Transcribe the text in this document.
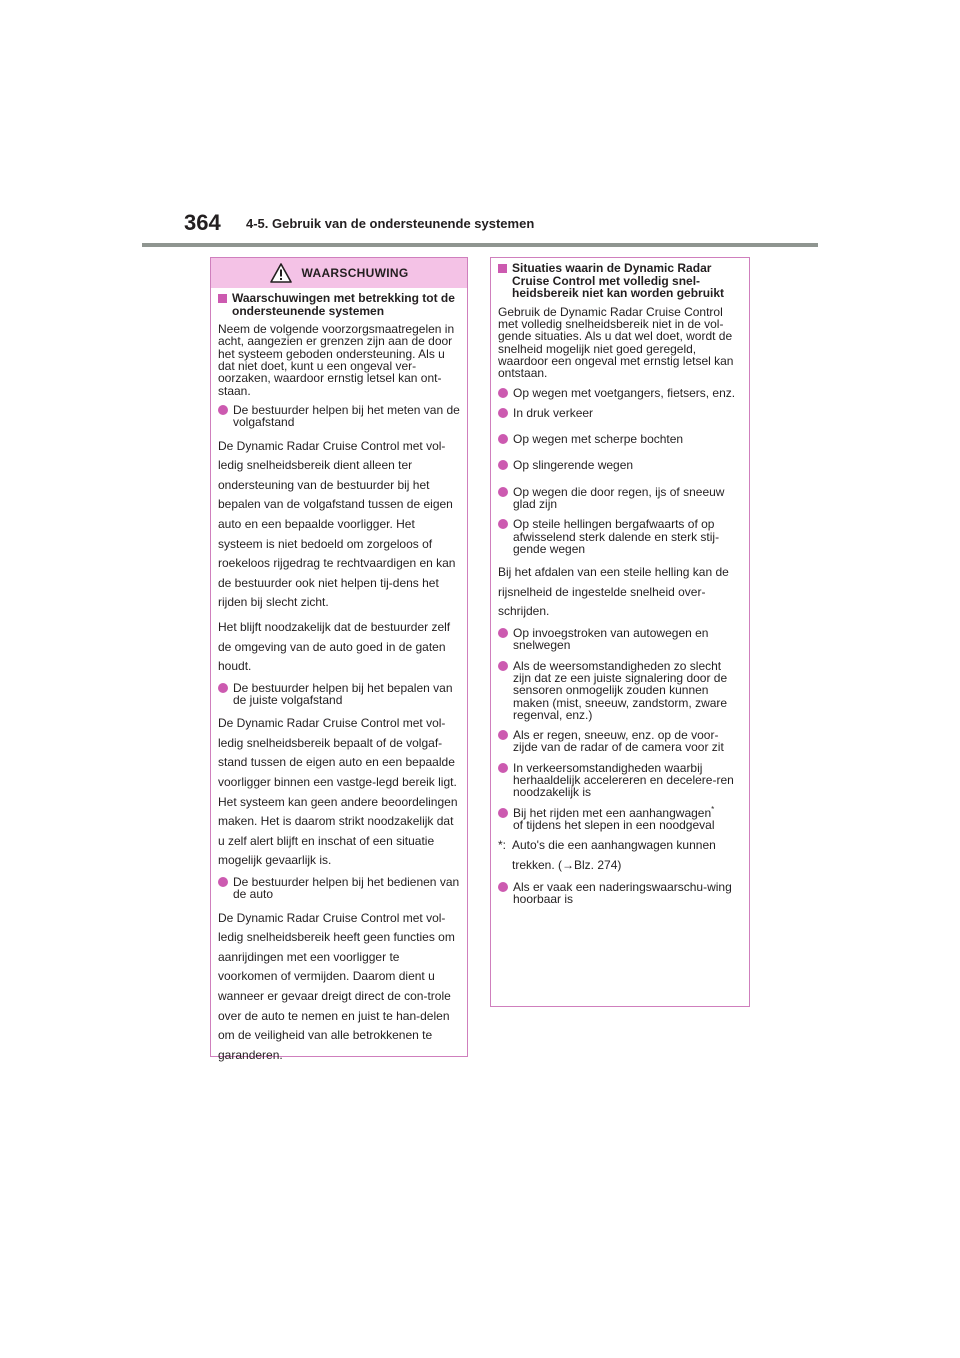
364 4-5. Gebruik van de ondersteunende systemen
WAARSCHUWING
Waarschuwingen met betrekking tot de ondersteunende systemen

Neem de volgende voorzorgsmaatregelen in acht, aangezien er grenzen zijn aan de door het systeem geboden ondersteuning. Als u dat niet doet, kunt u een ongeval ver-oorzaken, waardoor ernstig letsel kan ont-staan.

De bestuurder helpen bij het meten van de volgafstand

De Dynamic Radar Cruise Control met vol-ledig snelheidsbereik dient alleen ter ondersteuning van de bestuurder bij het bepalen van de volgafstand tussen de eigen auto en een bepaalde voorligger. Het systeem is niet bedoeld om zorgeloos of roekeloos rijgedrag te rechtvaardigen en kan de bestuurder ook niet helpen tij-dens het rijden bij slecht zicht.

Het blijft noodzakelijk dat de bestuurder zelf de omgeving van de auto goed in de gaten houdt.

De bestuurder helpen bij het bepalen van de juiste volgafstand

De Dynamic Radar Cruise Control met vol-ledig snelheidsbereik bepaalt of de volgaf-stand tussen de eigen auto en een bepaalde voorligger binnen een vastge-legd bereik ligt. Het systeem kan geen andere beoordelingen maken. Het is daarom strikt noodzakelijk dat u zelf alert blijft en inschat of een situatie mogelijk gevaarlijk is.

De bestuurder helpen bij het bedienen van de auto

De Dynamic Radar Cruise Control met vol-ledig snelheidsbereik heeft geen functies om aanrijdingen met een voorligger te voorkomen of vermijden. Daarom dient u wanneer er gevaar dreigt direct de con-trole over de auto te nemen en juist te han-delen om de veiligheid van alle betrokkenen te garanderen.

Situaties waarin de Dynamic Radar Cruise Control met volledig snel-heidsbereik niet kan worden gebruikt

Gebruik de Dynamic Radar Cruise Control met volledig snelheidsbereik niet in de vol-gende situaties. Als u dat wel doet, wordt de snelheid mogelijk niet goed geregeld, waardoor een ongeval met ernstig letsel kan ontstaan.

Op wegen met voetgangers, fietsers, enz.
In druk verkeer
Op wegen met scherpe bochten
Op slingerende wegen
Op wegen die door regen, ijs of sneeuw glad zijn
Op steile hellingen bergafwaarts of op afwisselend sterk dalende en sterk stij-gende wegen

Bij het afdalen van een steile helling kan de rijsnelheid de ingestelde snelheid over-schrijden.

Op invoegstroken van autowegen en snelwegen
Als de weersomstandigheden zo slecht zijn dat ze een juiste signalering door de sensoren onmogelijk zouden kunnen maken (mist, sneeuw, zandstorm, zware regenval, enz.)
Als er regen, sneeuw, enz. op de voor-zijde van de radar of de camera voor zit
In verkeersomstandigheden waarbij herhaaldelijk accelereren en decelere-ren noodzakelijk is
Bij het rijden met een aanhangwagen*
of tijdens het slepen in een noodgeval
*: Auto's die een aanhangwagen kunnen trekken. (→Blz. 274)
Als er vaak een naderingswaarschu-wing hoorbaar is
